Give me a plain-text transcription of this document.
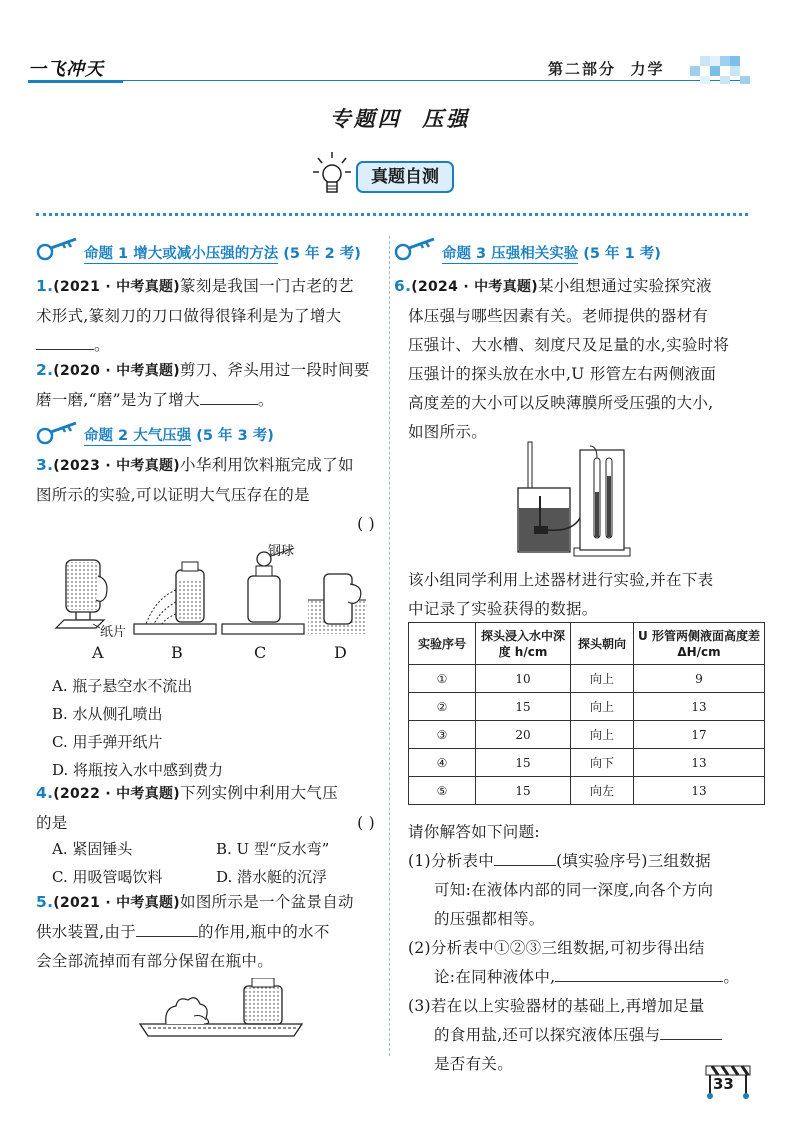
一飞冲天	第二部分  力学
专题四  压强
真题自测
命题 1 增大或减小压强的方法 (5 年 2 考)
1.(2021 · 中考真题)篆刻是我国一门古老的艺
术形式,篆刻刀的刀口做得很锋利是为了增大
。
2.(2020 · 中考真题)剪刀、斧头用过一段时间要
磨一磨,“磨”是为了增大	。
命题 2 大气压强 (5 年 3 考)
3.(2023 · 中考真题)小华利用饮料瓶完成了如
图所示的实验,可以证明大气压存在的是
( )
钢球
纸片
A	B	C	D
A. 瓶子悬空水不流出
B. 水从侧孔喷出
C. 用手弹开纸片
D. 将瓶按入水中感到费力
4.(2022 · 中考真题)下列实例中利用大气压
的是	( )
A. 紧固锤头	B. U 型“反水弯”
C. 用吸管喝饮料	D. 潜水艇的沉浮
5.(2021 · 中考真题)如图所示是一个盆景自动
供水装置,由于	的作用,瓶中的水不
会全部流掉而有部分保留在瓶中。
命题 3 压强相关实验 (5 年 1 考)
6.(2024 · 中考真题)某小组想通过实验探究液
体压强与哪些因素有关。老师提供的器材有
压强计、大水槽、刻度尺及足量的水,实验时将
压强计的探头放在水中,U 形管左右两侧液面
高度差的大小可以反映薄膜所受压强的大小,
如图所示。
该小组同学利用上述器材进行实验,并在下表
中记录了实验获得的数据。
实验序号	探头浸入水中深度 h/cm	探头朝向	U 形管两侧液面高度差 ΔH/cm
①	10	向上	9
②	15	向上	13
③	20	向上	17
④	15	向下	13
⑤	15	向左	13
请你解答如下问题:
(1)分析表中	(填实验序号)三组数据
可知:在液体内部的同一深度,向各个方向
的压强都相等。
(2)分析表中①②③三组数据,可初步得出结
论:在同种液体中,	。
(3)若在以上实验器材的基础上,再增加足量
的食用盐,还可以探究液体压强与
是否有关。
33
